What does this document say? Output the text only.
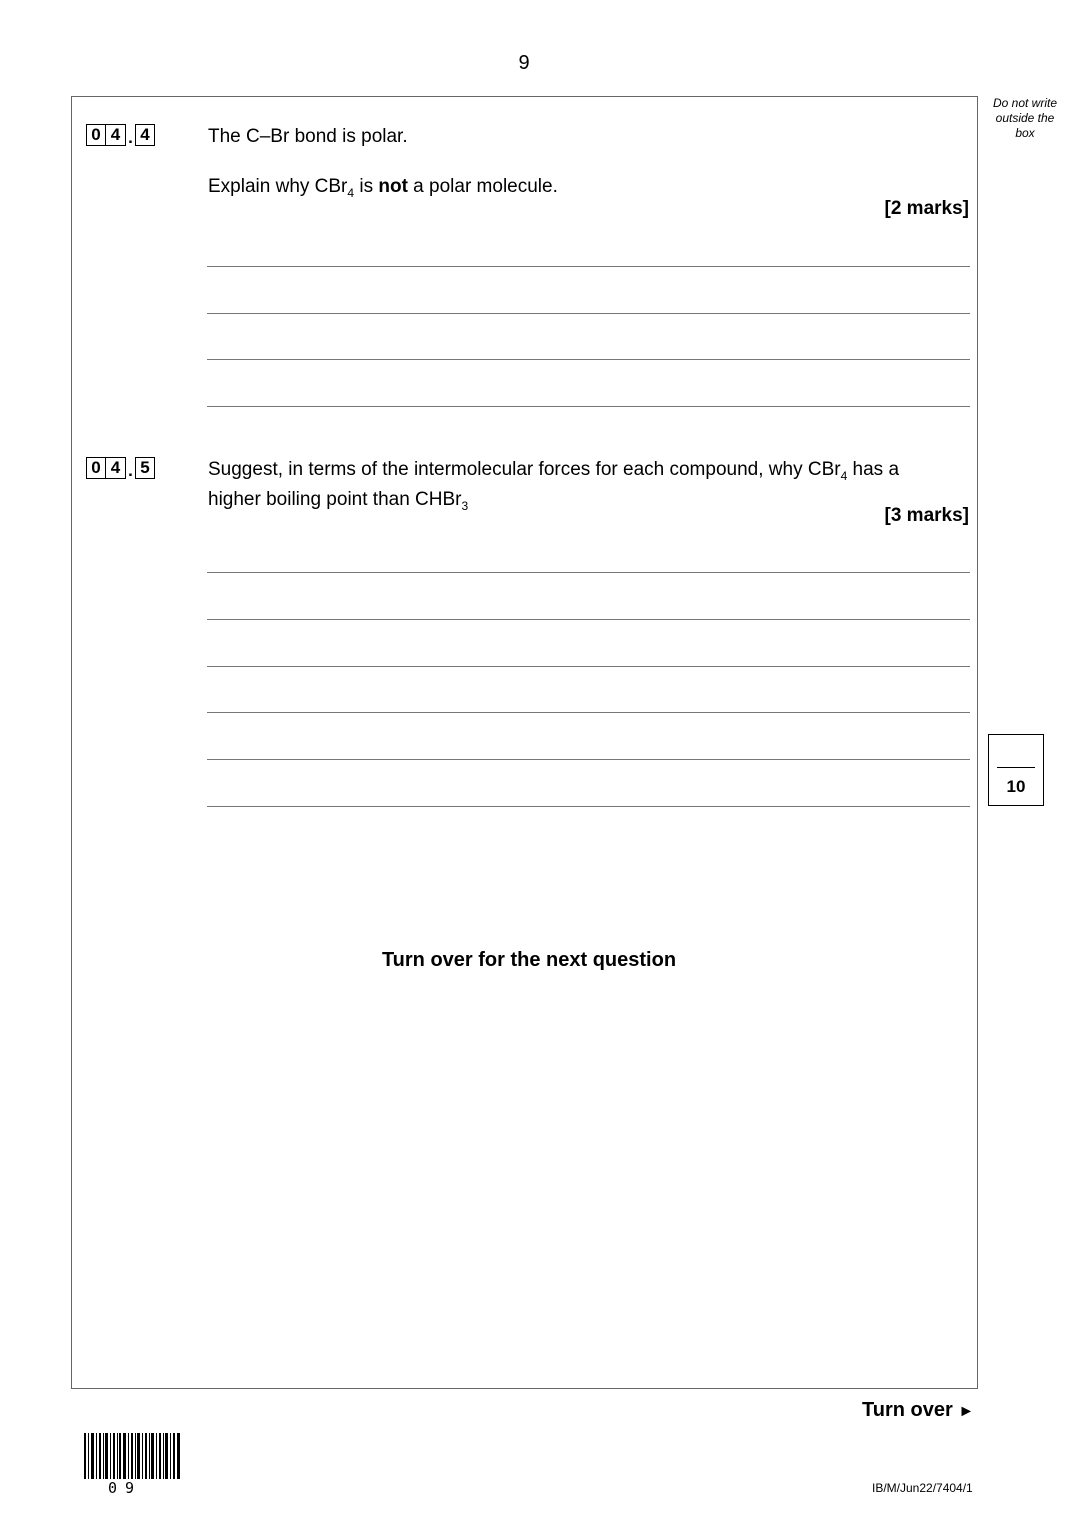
9
Do not write
outside the
box
0 4 . 4	The C–Br bond is polar.
Explain why CBr$_4$ is not a polar molecule.
[2 marks]
0 4 . 5	Suggest, in terms of the intermolecular forces for each compound, why CBr$_4$ has a
higher boiling point than CHBr$_3$	[3 marks]
10
Turn over for the next question
Turn over ►
09	IB/M/Jun22/7404/1
